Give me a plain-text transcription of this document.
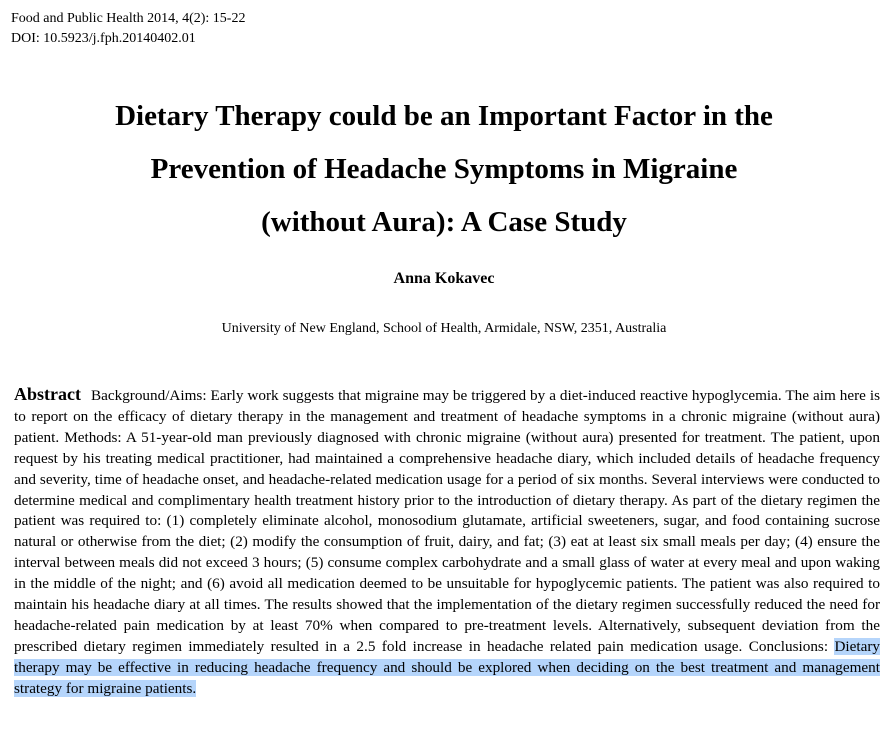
Food and Public Health 2014, 4(2): 15-22
DOI: 10.5923/j.fph.20140402.01
Dietary Therapy could be an Important Factor in the
Prevention of Headache Symptoms in Migraine
(without Aura): A Case Study
Anna Kokavec
University of New England, School of Health, Armidale, NSW, 2351, Australia
Abstract Background/Aims: Early work suggests that migraine may be triggered by a diet-induced reactive hypoglycemia. The aim here is to report on the efficacy of dietary therapy in the management and treatment of headache symptoms in a chronic migraine (without aura) patient. Methods: A 51-year-old man previously diagnosed with chronic migraine (without aura) presented for treatment. The patient, upon request by his treating medical practitioner, had maintained a comprehensive headache diary, which included details of headache frequency and severity, time of headache onset, and headache-related medication usage for a period of six months. Several interviews were conducted to determine medical and complimentary health treatment history prior to the introduction of dietary therapy. As part of the dietary regimen the patient was required to: (1) completely eliminate alcohol, monosodium glutamate, artificial sweeteners, sugar, and food containing sucrose natural or otherwise from the diet; (2) modify the consumption of fruit, dairy, and fat; (3) eat at least six small meals per day; (4) ensure the interval between meals did not exceed 3 hours; (5) consume complex carbohydrate and a small glass of water at every meal and upon waking in the middle of the night; and (6) avoid all medication deemed to be unsuitable for hypoglycemic patients. The patient was also required to maintain his headache diary at all times. The results showed that the implementation of the dietary regimen successfully reduced the need for headache-related pain medication by at least 70% when compared to pre-treatment levels. Alternatively, subsequent deviation from the prescribed dietary regimen immediately resulted in a 2.5 fold increase in headache related pain medication usage. Conclusions: Dietary therapy may be effective in reducing headache frequency and should be explored when deciding on the best treatment and management strategy for migraine patients.
